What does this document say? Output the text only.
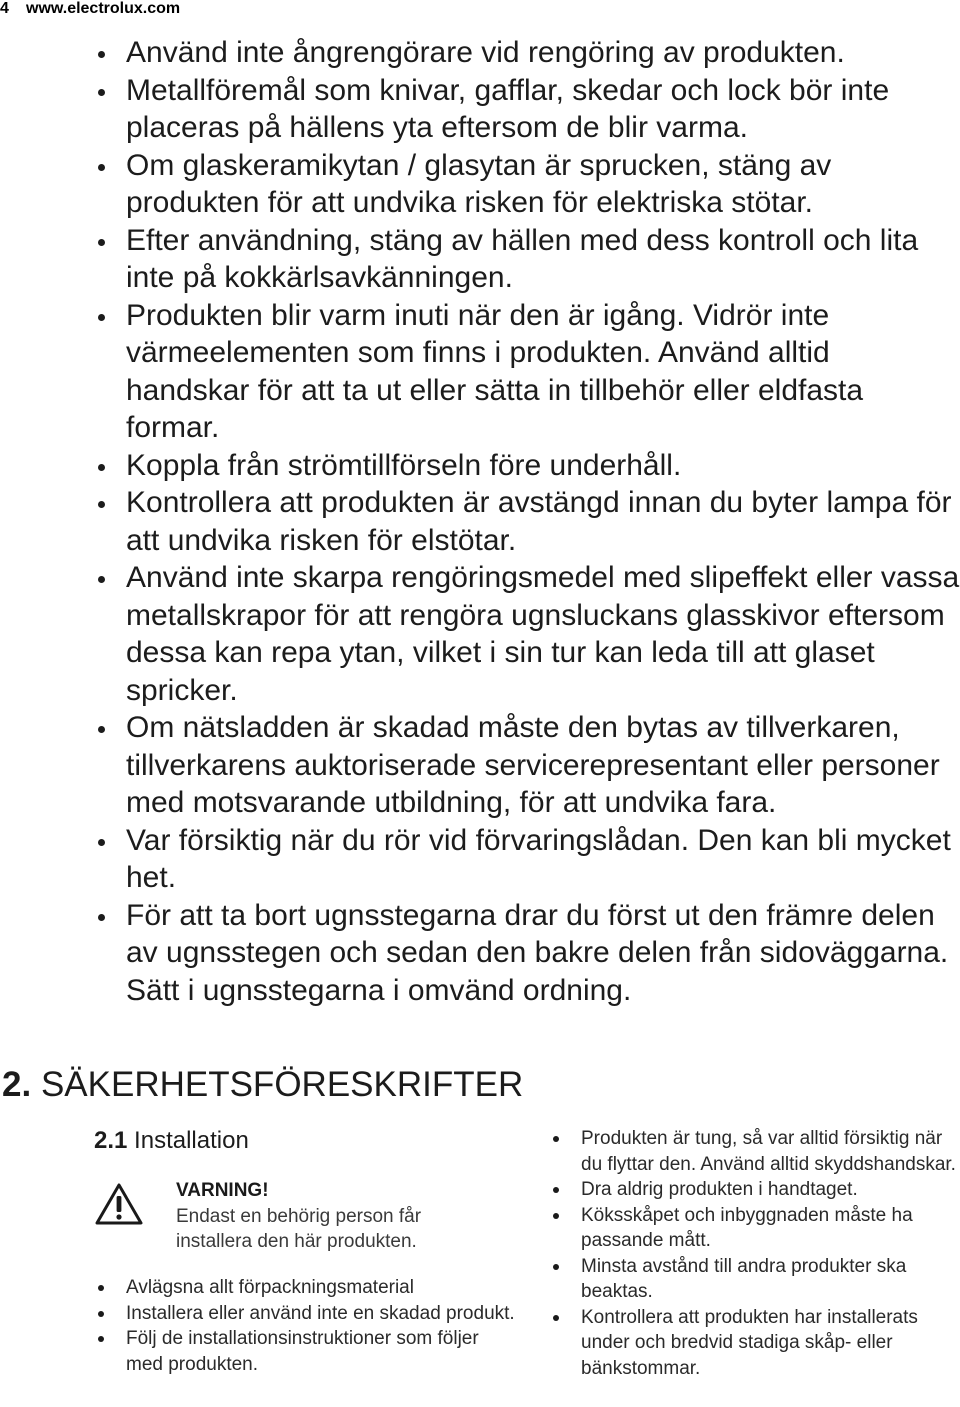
4 www.electrolux.com
Använd inte ångrengörare vid rengöring av produkten.
Metallföremål som knivar, gafflar, skedar och lock bör inte placeras på hällens yta eftersom de blir varma.
Om glaskeramikytan / glasytan är sprucken, stäng av produkten för att undvika risken för elektriska stötar.
Efter användning, stäng av hällen med dess kontroll och lita inte på kokkärlsavkänningen.
Produkten blir varm inuti när den är igång. Vidrör inte värmeelementen som finns i produkten. Använd alltid handskar för att ta ut eller sätta in tillbehör eller eldfasta formar.
Koppla från strömtillförseln före underhåll.
Kontrollera att produkten är avstängd innan du byter lampa för att undvika risken för elstötar.
Använd inte skarpa rengöringsmedel med slipeffekt eller vassa metallskrapor för att rengöra ugnsluckans glasskivor eftersom dessa kan repa ytan, vilket i sin tur kan leda till att glaset spricker.
Om nätsladden är skadad måste den bytas av tillverkaren, tillverkarens auktoriserade servicerepresentant eller personer med motsvarande utbildning, för att undvika fara.
Var försiktig när du rör vid förvaringslådan. Den kan bli mycket het.
För att ta bort ugnsstegarna drar du först ut den främre delen av ugnsstegen och sedan den bakre delen från sidoväggarna. Sätt i ugnsstegarna i omvänd ordning.
2. SÄKERHETSFÖRESKRIFTER
2.1 Installation
VARNING!
Endast en behörig person får installera den här produkten.
Avlägsna allt förpackningsmaterial
Installera eller använd inte en skadad produkt.
Följ de installationsinstruktioner som följer med produkten.
Produkten är tung, så var alltid försiktig när du flyttar den. Använd alltid skyddshandskar.
Dra aldrig produkten i handtaget.
Köksskåpet och inbyggnaden måste ha passande mått.
Minsta avstånd till andra produkter ska beaktas.
Kontrollera att produkten har installerats under och bredvid stadiga skåp- eller bänkstommar.
